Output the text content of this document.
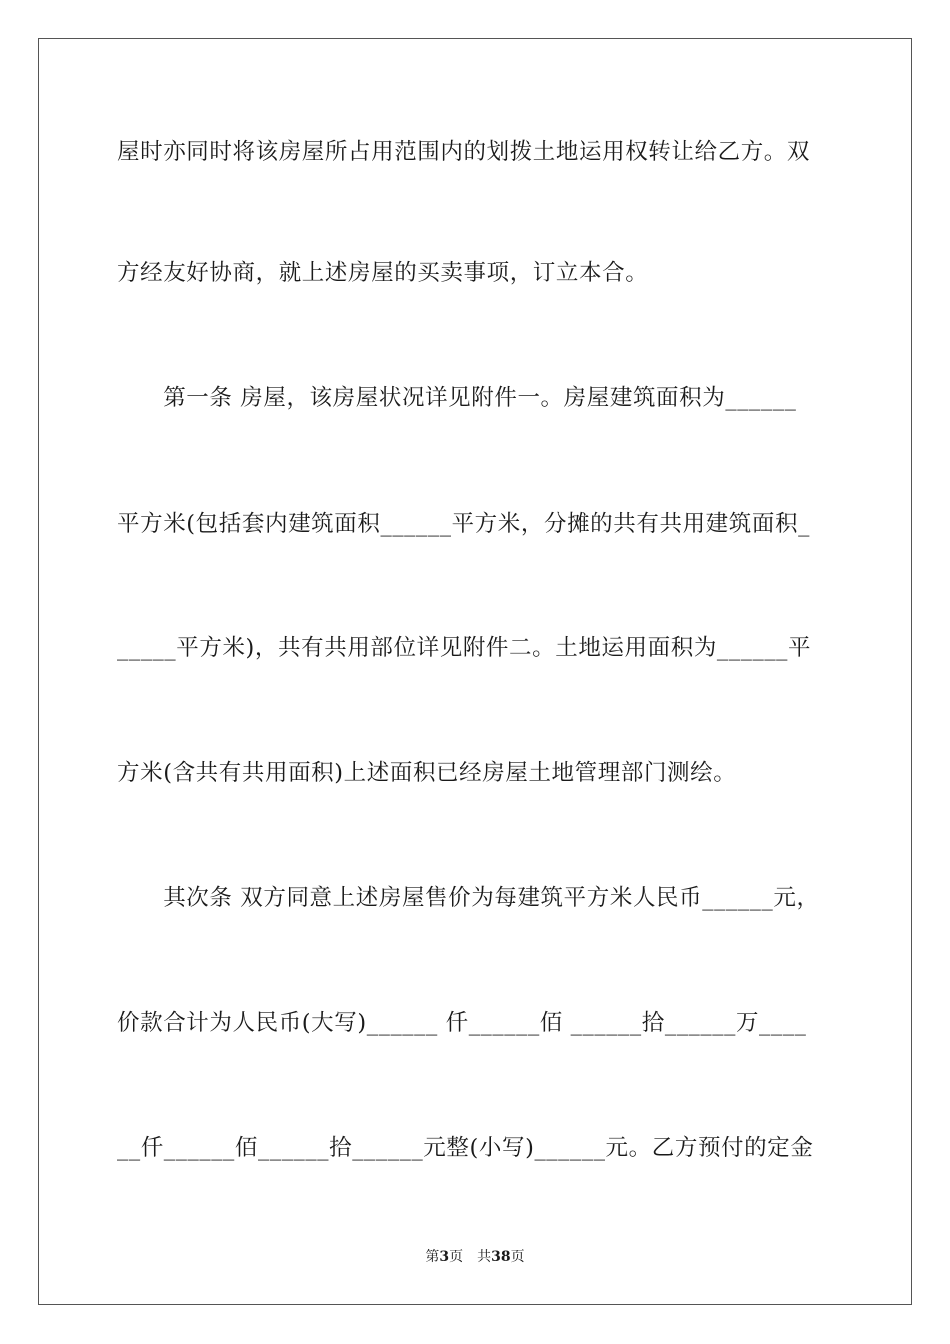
屋时亦同时将该房屋所占用范围内的划拨土地运用权转让给乙方。双
方经友好协商，就上述房屋的买卖事项，订立本合。
　　第一条 房屋，该房屋状况详见附件一。房屋建筑面积为______
平方米(包括套内建筑面积______平方米，分摊的共有共用建筑面积_
_____平方米)，共有共用部位详见附件二。土地运用面积为______平
方米(含共有共用面积)上述面积已经房屋土地管理部门测绘。
　　其次条 双方同意上述房屋售价为每建筑平方米人民币______元，
价款合计为人民币(大写)______ 仟______佰 ______拾______万____
__仟______佰______拾______元整(小写)______元。乙方预付的定金
第3页 共38页
